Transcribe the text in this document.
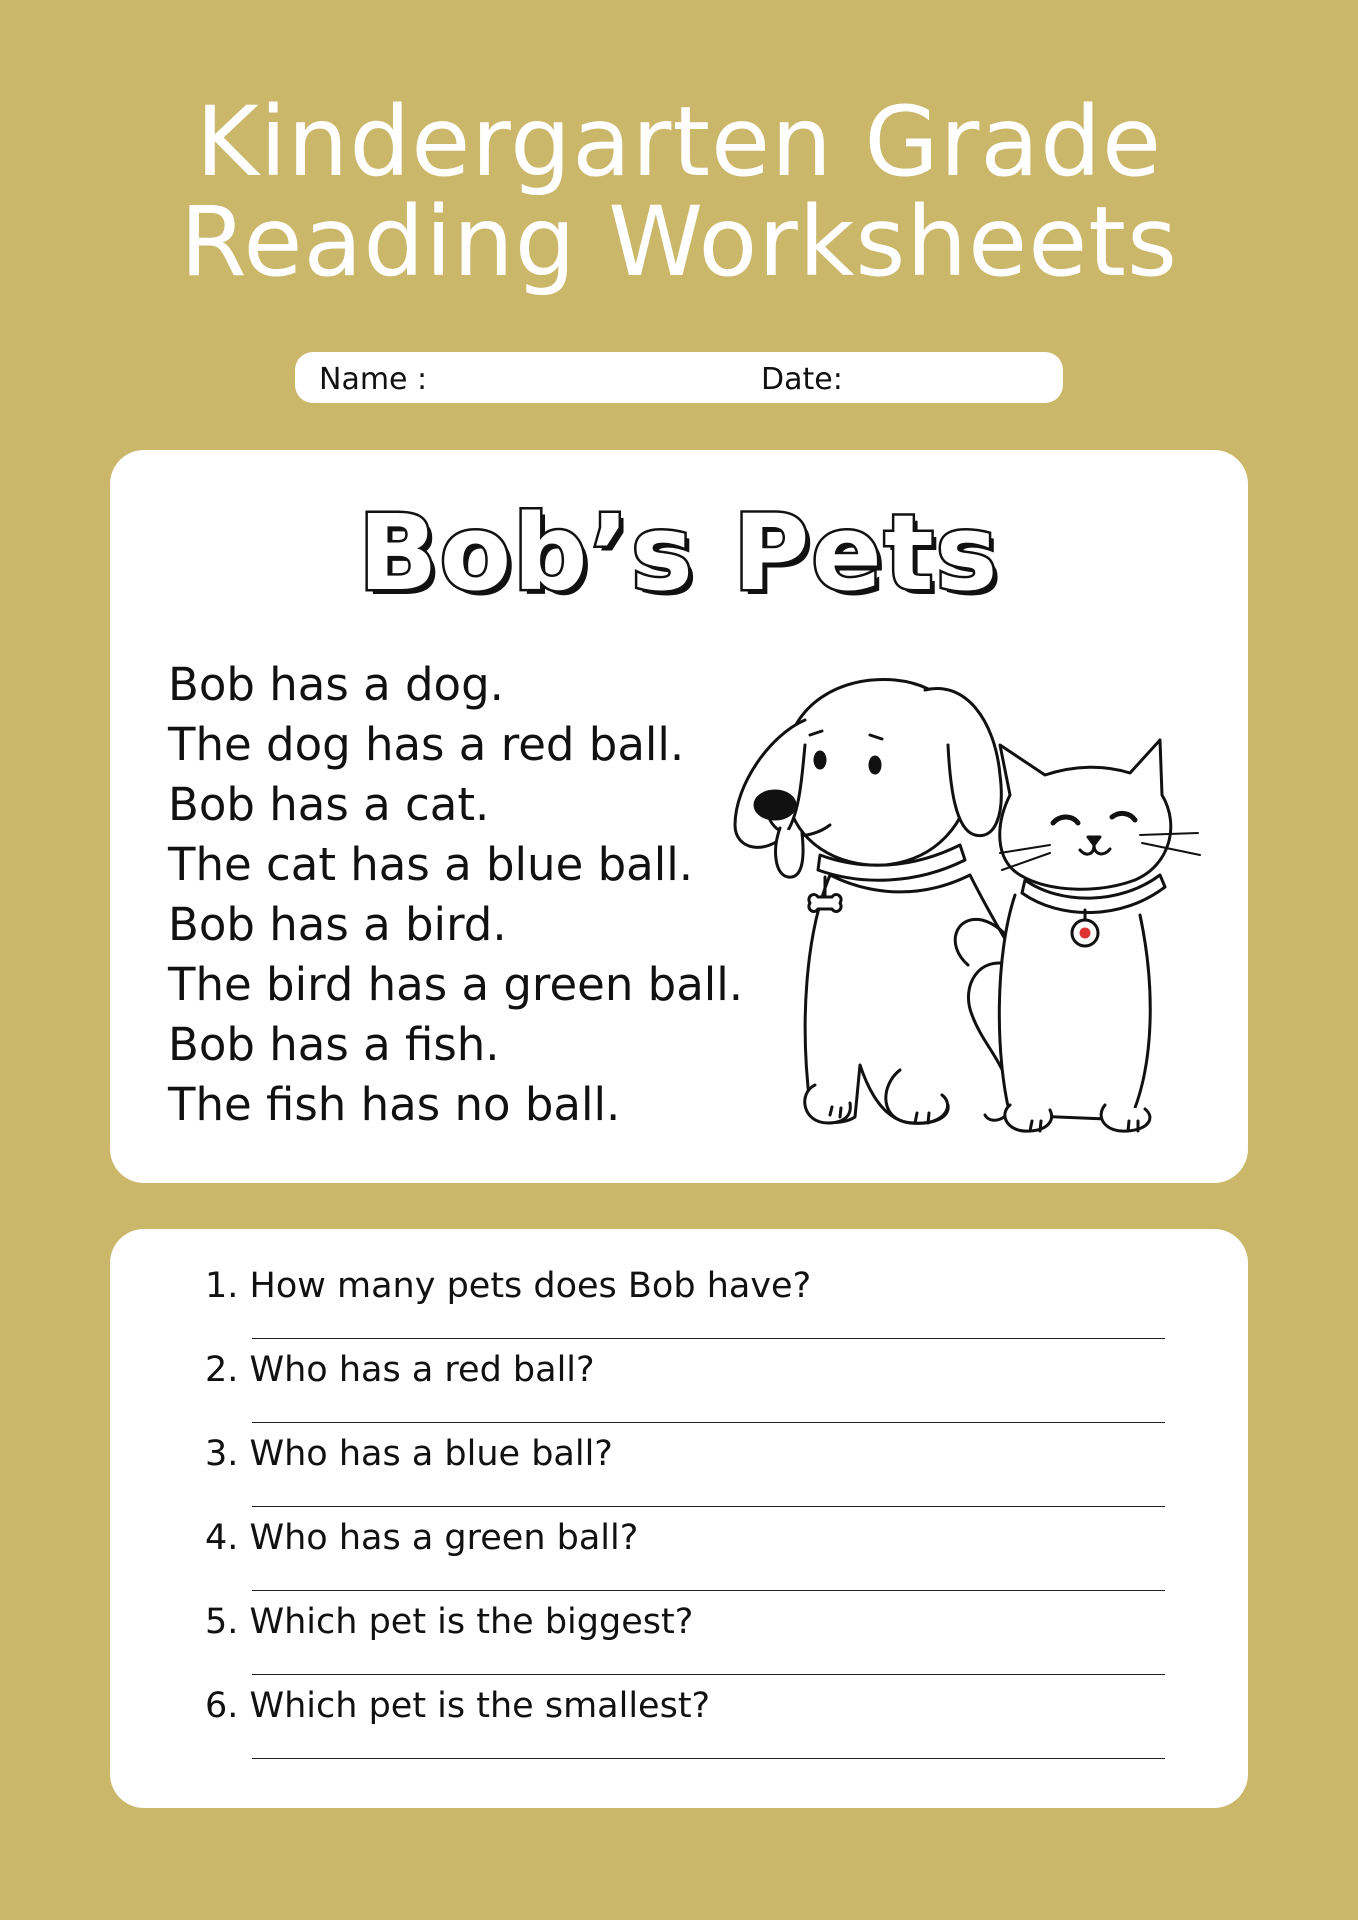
Kindergarten Grade
Reading Worksheets
Name :	Date:
Bob’s Pets
Bob has a dog.
The dog has a red ball.
Bob has a cat.
The cat has a blue ball.
Bob has a bird.
The bird has a green ball.
Bob has a fish.
The fish has no ball.
1. How many pets does Bob have?
2. Who has a red ball?
3. Who has a blue ball?
4. Who has a green ball?
5. Which pet is the biggest?
6. Which pet is the smallest?
